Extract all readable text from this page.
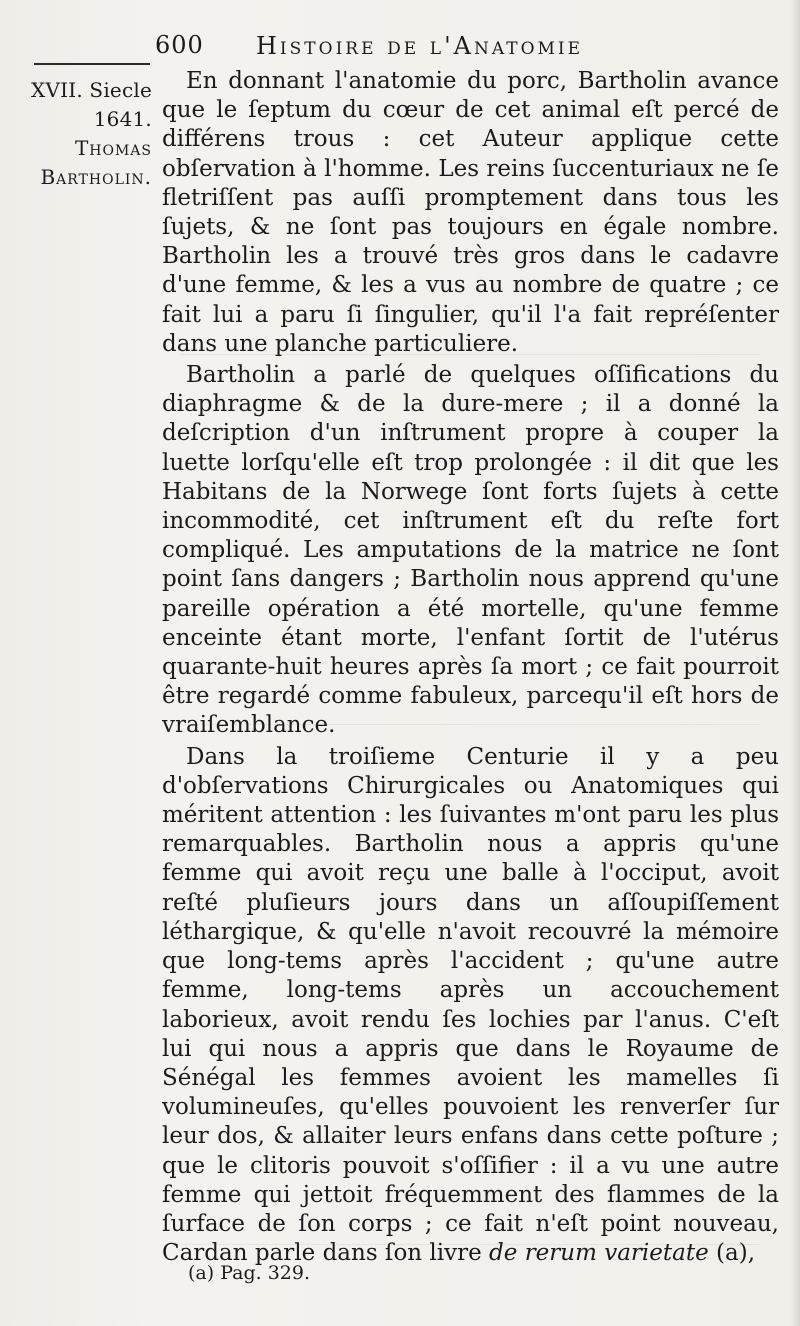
600 Histoire de l'Anatomie
XVII. Siecle
1641.
Thomas
Bartholin.

En donnant l'anatomie du porc, Bartholin avance que le ſeptum du cœur de cet animal eſt percé de différens trous : cet Auteur applique cette obſervation à l'homme. Les reins ſuccenturiaux ne ſe fletriſſent pas auſſi promptement dans tous les ſujets, & ne ſont pas toujours en égale nombre. Bartholin les a trouvé très gros dans le cadavre d'une femme, & les a vus au nombre de quatre ; ce fait lui a paru ſi ſingulier, qu'il l'a fait repréſenter dans une planche particuliere.

Bartholin a parlé de quelques oſſifications du diaphragme & de la dure-mere ; il a donné la deſcription d'un inſtrument propre à couper la luette lorſqu'elle eſt trop prolongée : il dit que les Habitans de la Norwege ſont forts ſujets à cette incommodité, cet inſtrument eſt du reſte fort compliqué. Les amputations de la matrice ne ſont point ſans dangers ; Bartholin nous apprend qu'une pareille opération a été mortelle, qu'une femme enceinte étant morte, l'enfant ſortit de l'utérus quarante-huit heures après ſa mort ; ce fait pourroit être regardé comme fabuleux, parcequ'il eſt hors de vraiſemblance.

Dans la troiſieme Centurie il y a peu d'obſervations Chirurgicales ou Anatomiques qui méritent attention : les ſuivantes m'ont paru les plus remarquables. Bartholin nous a appris qu'une femme qui avoit reçu une balle à l'occiput, avoit reſté pluſieurs jours dans un aſſoupiſſement léthargique, & qu'elle n'avoit recouvré la mémoire que long-tems après l'accident ; qu'une autre femme, long-tems après un accouchement laborieux, avoit rendu ſes lochies par l'anus. C'eſt lui qui nous a appris que dans le Royaume de Sénégal les femmes avoient les mamelles ſi volumineuſes, qu'elles pouvoient les renverſer ſur leur dos, & allaiter leurs enfans dans cette poſture ; que le clitoris pouvoit s'oſſifier : il a vu une autre femme qui jettoit fréquemment des flammes de la ſurface de ſon corps ; ce fait n'eſt point nouveau, Cardan parle dans ſon livre de rerum varietate (a),

(a) Pag. 329.
